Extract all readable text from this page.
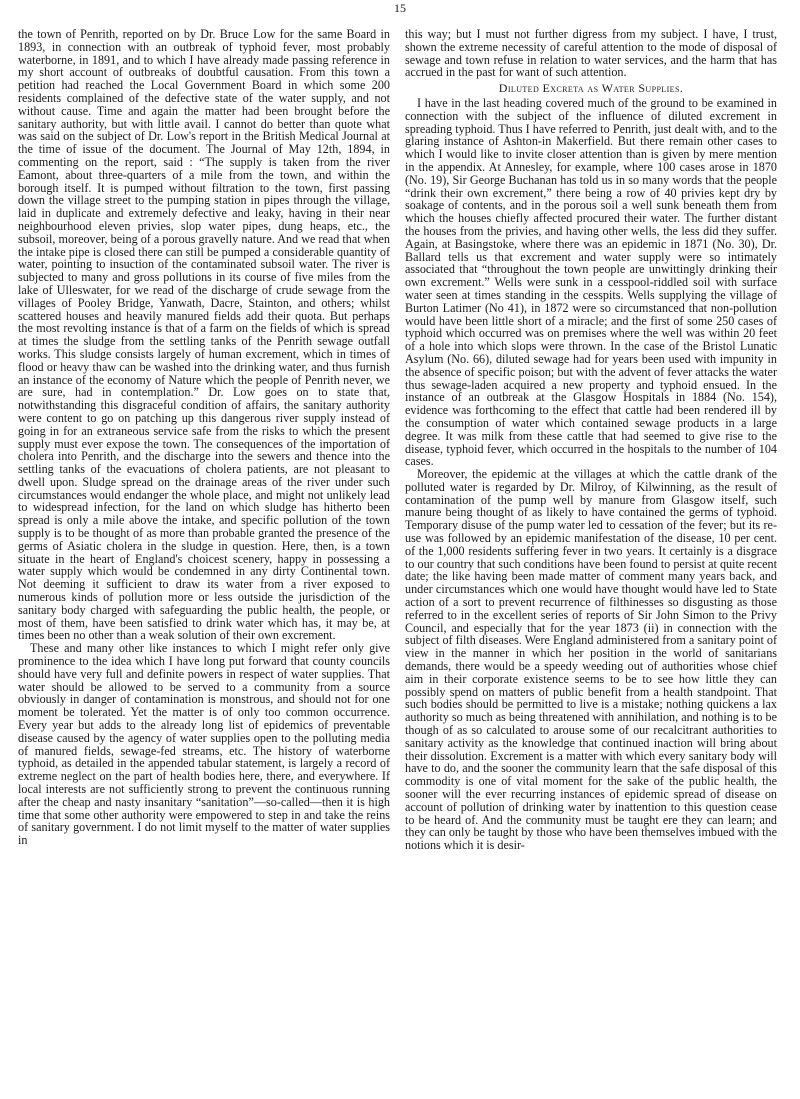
15

the town of Penrith, reported on by Dr. Bruce Low for the same Board in 1893, in connection with an outbreak of typhoid fever, most probably waterborne, in 1891, and to which I have already made passing reference in my short account of outbreaks of doubtful causation. From this town a petition had reached the Local Government Board in which some 200 residents complained of the defective state of the water supply, and not without cause. Time and again the matter had been brought before the sanitary authority, but with little avail. I cannot do better than quote what was said on the subject of Dr. Low's report in the British Medical Journal at the time of issue of the document. The Journal of May 12th, 1894, in commenting on the report, said : “The supply is taken from the river Eamont, about three-quarters of a mile from the town, and within the borough itself. It is pumped without filtration to the town, first passing down the village street to the pumping station in pipes through the village, laid in duplicate and extremely defective and leaky, having in their near neighbourhood eleven privies, slop water pipes, dung heaps, etc., the subsoil, moreover, being of a porous gravelly nature. And we read that when the intake pipe is closed there can still be pumped a considerable quantity of water, pointing to insuction of the contaminated subsoil water. The river is subjected to many and gross pollutions in its course of five miles from the lake of Ulleswater, for we read of the discharge of crude sewage from the villages of Pooley Bridge, Yanwath, Dacre, Stainton, and others; whilst scattered houses and heavily manured fields add their quota. But perhaps the most revolting instance is that of a farm on the fields of which is spread at times the sludge from the settling tanks of the Penrith sewage outfall works. This sludge consists largely of human excrement, which in times of flood or heavy thaw can be washed into the drinking water, and thus furnish an instance of the economy of Nature which the people of Penrith never, we are sure, had in contemplation.” Dr. Low goes on to state that, notwithstanding this disgraceful condition of affairs, the sanitary authority were content to go on patching up this dangerous river supply instead of going in for an extraneous service safe from the risks to which the present supply must ever expose the town. The consequences of the importation of cholera into Penrith, and the discharge into the sewers and thence into the settling tanks of the evacuations of cholera patients, are not pleasant to dwell upon. Sludge spread on the drainage areas of the river under such circumstances would endanger the whole place, and might not unlikely lead to widespread infection, for the land on which sludge has hitherto been spread is only a mile above the intake, and specific pollution of the town supply is to be thought of as more than probable granted the presence of the germs of Asiatic cholera in the sludge in question. Here, then, is a town situate in the heart of England's choicest scenery, happy in possessing a water supply which would be condemned in any dirty Continental town. Not deeming it sufficient to draw its water from a river exposed to numerous kinds of pollution more or less outside the jurisdiction of the sanitary body charged with safeguarding the public health, the people, or most of them, have been satisfied to drink water which has, it may be, at times been no other than a weak solution of their own excrement.

These and many other like instances to which I might refer only give prominence to the idea which I have long put forward that county councils should have very full and definite powers in respect of water supplies. That water should be allowed to be served to a community from a source obviously in danger of contamination is monstrous, and should not for one moment be tolerated. Yet the matter is of only too common occurrence. Every year but adds to the already long list of epidemics of preventable disease caused by the agency of water supplies open to the polluting media of manured fields, sewage-fed streams, etc. The history of waterborne typhoid, as detailed in the appended tabular statement, is largely a record of extreme neglect on the part of health bodies here, there, and everywhere. If local interests are not sufficiently strong to prevent the continuous running after the cheap and nasty insanitary “sanitation”—so-called—then it is high time that some other authority were empowered to step in and take the reins of sanitary government. I do not limit myself to the matter of water supplies in

this way; but I must not further digress from my subject. I have, I trust, shown the extreme necessity of careful attention to the mode of disposal of sewage and town refuse in relation to water services, and the harm that has accrued in the past for want of such attention.

Diluted Excreta as Water Supplies.

I have in the last heading covered much of the ground to be examined in connection with the subject of the influence of diluted excrement in spreading typhoid. Thus I have referred to Penrith, just dealt with, and to the glaring instance of Ashton-in Makerfield. But there remain other cases to which I would like to invite closer attention than is given by mere mention in the appendix. At Annesley, for example, where 100 cases arose in 1870 (No. 19), Sir George Buchanan has told us in so many words that the people “drink their own excrement,” there being a row of 40 privies kept dry by soakage of contents, and in the porous soil a well sunk beneath them from which the houses chiefly affected procured their water. The further distant the houses from the privies, and having other wells, the less did they suffer. Again, at Basingstoke, where there was an epidemic in 1871 (No. 30), Dr. Ballard tells us that excrement and water supply were so intimately associated that “throughout the town people are unwittingly drinking their own excrement.” Wells were sunk in a cesspool-riddled soil with surface water seen at times standing in the cesspits. Wells supplying the village of Burton Latimer (No 41), in 1872 were so circumstanced that non-pollution would have been little short of a miracle; and the first of some 250 cases of typhoid which occurred was on premises where the well was within 20 feet of a hole into which slops were thrown. In the case of the Bristol Lunatic Asylum (No. 66), diluted sewage had for years been used with impunity in the absence of specific poison; but with the advent of fever attacks the water thus sewage-laden acquired a new property and typhoid ensued. In the instance of an outbreak at the Glasgow Hospitals in 1884 (No. 154), evidence was forthcoming to the effect that cattle had been rendered ill by the consumption of water which contained sewage products in a large degree. It was milk from these cattle that had seemed to give rise to the disease, typhoid fever, which occurred in the hospitals to the number of 104 cases.

Moreover, the epidemic at the villages at which the cattle drank of the polluted water is regarded by Dr. Milroy, of Kilwinning, as the result of contamination of the pump well by manure from Glasgow itself, such manure being thought of as likely to have contained the germs of typhoid. Temporary disuse of the pump water led to cessation of the fever; but its re-use was followed by an epidemic manifestation of the disease, 10 per cent. of the 1,000 residents suffering fever in two years. It certainly is a disgrace to our country that such conditions have been found to persist at quite recent date; the like having been made matter of comment many years back, and under circumstances which one would have thought would have led to State action of a sort to prevent recurrence of filthinesses so disgusting as those referred to in the excellent series of reports of Sir John Simon to the Privy Council, and especially that for the year 1873 (ii) in connection with the subject of filth diseases. Were England administered from a sanitary point of view in the manner in which her position in the world of sanitarians demands, there would be a speedy weeding out of authorities whose chief aim in their corporate existence seems to be to see how little they can possibly spend on matters of public benefit from a health standpoint. That such bodies should be permitted to live is a mistake; nothing quickens a lax authority so much as being threatened with annihilation, and nothing is to be though of as so calculated to arouse some of our recalcitrant authorities to sanitary activity as the knowledge that continued inaction will bring about their dissolution. Excrement is a matter with which every sanitary body will have to do, and the sooner the community learn that the safe disposal of this commodity is one of vital moment for the sake of the public health, the sooner will the ever recurring instances of epidemic spread of disease on account of pollution of drinking water by inattention to this question cease to be heard of. And the community must be taught ere they can learn; and they can only be taught by those who have been themselves imbued with the notions which it is desir-
